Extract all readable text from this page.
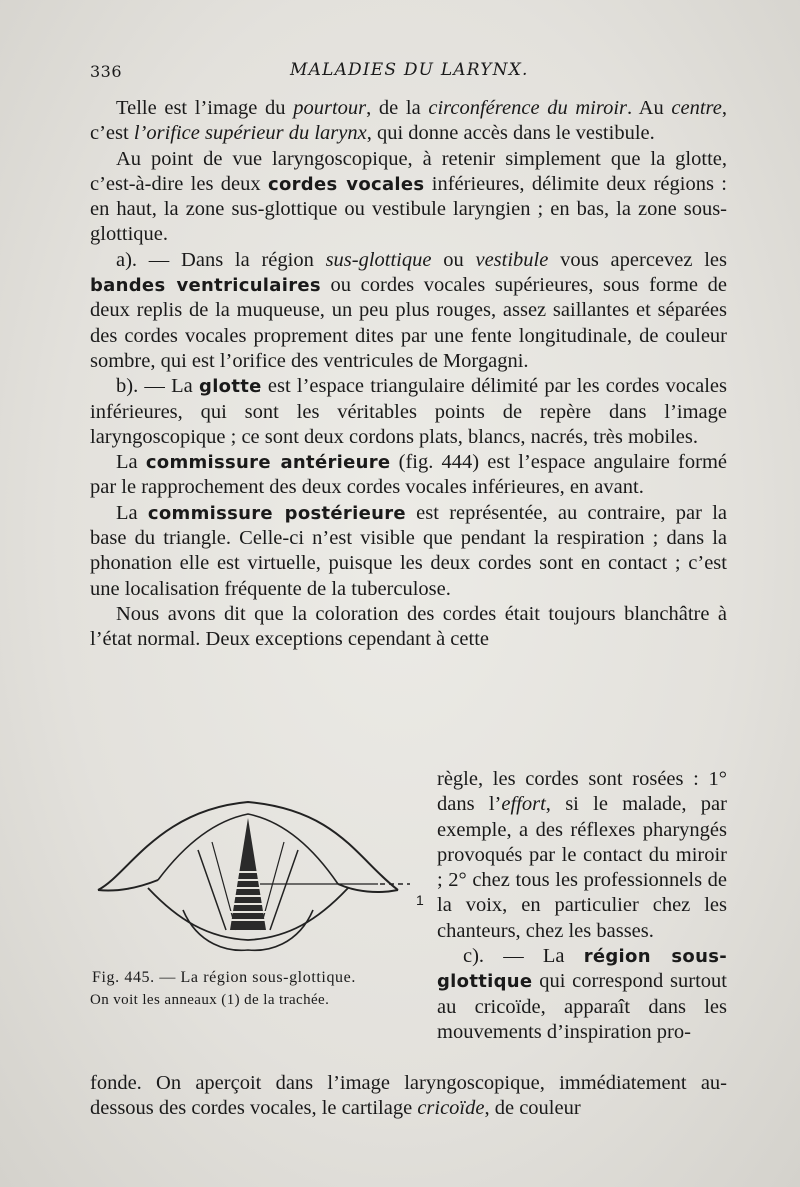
336	MALADIES DU LARYNX.

Telle est l’image du pourtour, de la circonférence du miroir. Au centre, c’est l’orifice supérieur du larynx, qui donne accès dans le vestibule.

Au point de vue laryngoscopique, à retenir simplement que la glotte, c’est-à-dire les deux cordes vocales inférieures, délimite deux régions : en haut, la zone sus-glottique ou vestibule laryngien ; en bas, la zone sous-glottique.

a). — Dans la région sus-glottique ou vestibule vous apercevez les bandes ventriculaires ou cordes vocales supérieures, sous forme de deux replis de la muqueuse, un peu plus rouges, assez saillantes et séparées des cordes vocales proprement dites par une fente longitudinale, de couleur sombre, qui est l’orifice des ventricules de Morgagni.

b). — La glotte est l’espace triangulaire délimité par les cordes vocales inférieures, qui sont les véritables points de repère dans l’image laryngoscopique ; ce sont deux cordons plats, blancs, nacrés, très mobiles.

La commissure antérieure (fig. 444) est l’espace angulaire formé par le rapprochement des deux cordes vocales inférieures, en avant.

La commissure postérieure est représentée, au contraire, par la base du triangle. Celle-ci n’est visible que pendant la respiration ; dans la phonation elle est virtuelle, puisque les deux cordes sont en contact ; c’est une localisation fréquente de la tuberculose.

Nous avons dit que la coloration des cordes était toujours blanchâtre à l’état normal. Deux exceptions cependant à cette

1
Fig. 445. — La région sous-glottique.
On voit les anneaux (1) de la trachée.

règle, les cordes sont rosées : 1° dans l’effort, si le malade, par exemple, a des réflexes pharyngés provoqués par le contact du miroir ; 2° chez tous les professionnels de la voix, en particulier chez les chanteurs, chez les basses.

c). — La région sous-glottique qui correspond surtout au cricoïde, apparaît dans les mouvements d’inspiration pro-

fonde. On aperçoit dans l’image laryngoscopique, immédiatement au-dessous des cordes vocales, le cartilage cricoïde, de couleur
